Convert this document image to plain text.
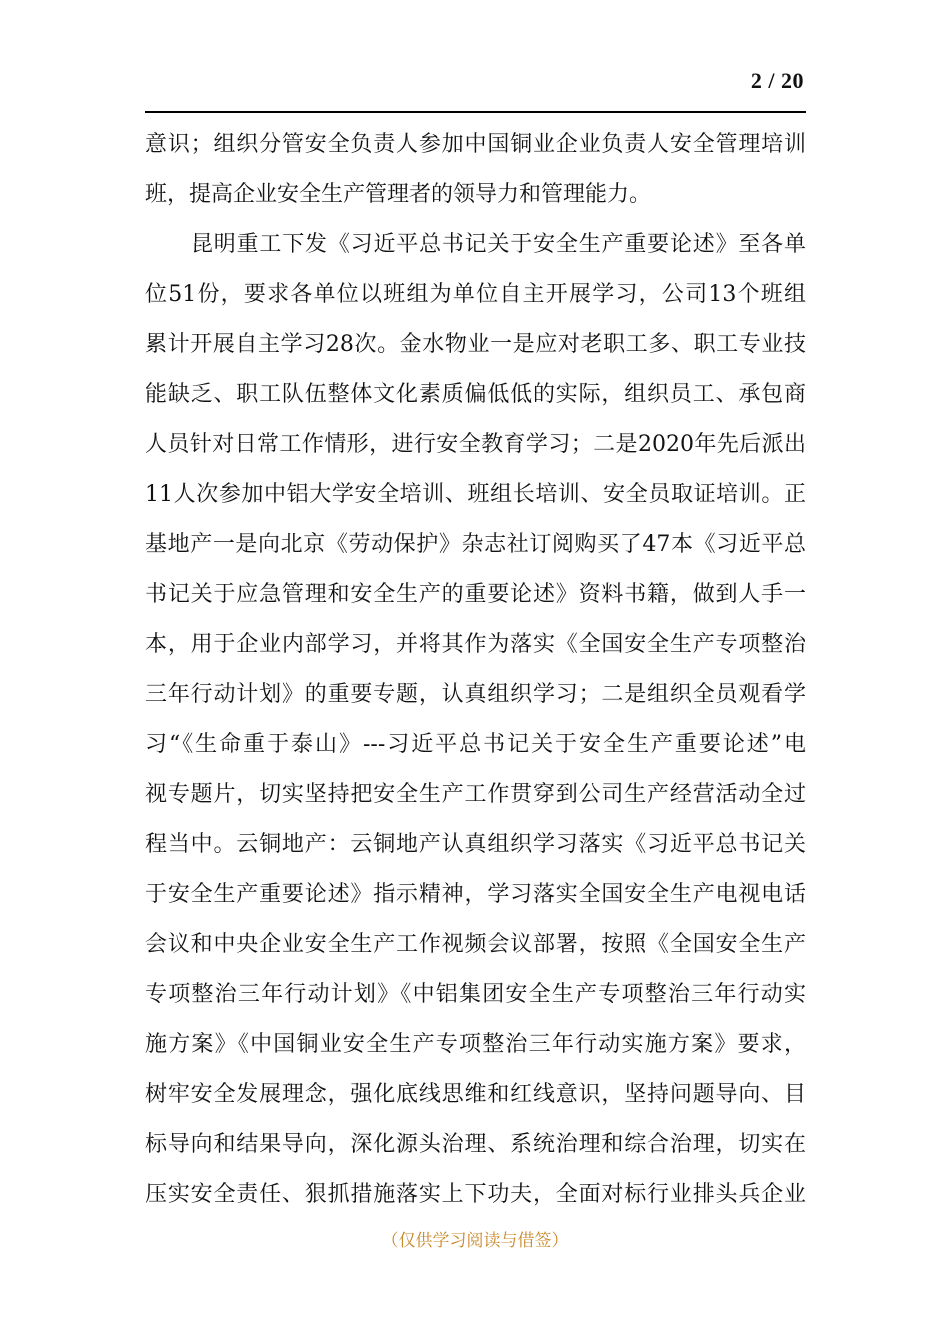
2 / 20
意识；组织分管安全负责人参加中国铜业企业负责人安全管理培训
班，提高企业安全生产管理者的领导力和管理能力。
昆明重工下发《习近平总书记关于安全生产重要论述》至各单
位51份，要求各单位以班组为单位自主开展学习，公司13个班组
累计开展自主学习28次。金水物业一是应对老职工多、职工专业技
能缺乏、职工队伍整体文化素质偏低低的实际，组织员工、承包商
人员针对日常工作情形，进行安全教育学习；二是2020年先后派出
11人次参加中铝大学安全培训、班组长培训、安全员取证培训。正
基地产一是向北京《劳动保护》杂志社订阅购买了47本《习近平总
书记关于应急管理和安全生产的重要论述》资料书籍，做到人手一
本，用于企业内部学习，并将其作为落实《全国安全生产专项整治
三年行动计划》的重要专题，认真组织学习；二是组织全员观看学
习“《生命重于泰山》---习近平总书记关于安全生产重要论述”电
视专题片，切实坚持把安全生产工作贯穿到公司生产经营活动全过
程当中。云铜地产：云铜地产认真组织学习落实《习近平总书记关
于安全生产重要论述》指示精神，学习落实全国安全生产电视电话
会议和中央企业安全生产工作视频会议部署，按照《全国安全生产
专项整治三年行动计划》《中铝集团安全生产专项整治三年行动实
施方案》《中国铜业安全生产专项整治三年行动实施方案》要求，
树牢安全发展理念，强化底线思维和红线意识，坚持问题导向、目
标导向和结果导向，深化源头治理、系统治理和综合治理，切实在
压实安全责任、狠抓措施落实上下功夫，全面对标行业排头兵企业
（仅供学习阅读与借签）
